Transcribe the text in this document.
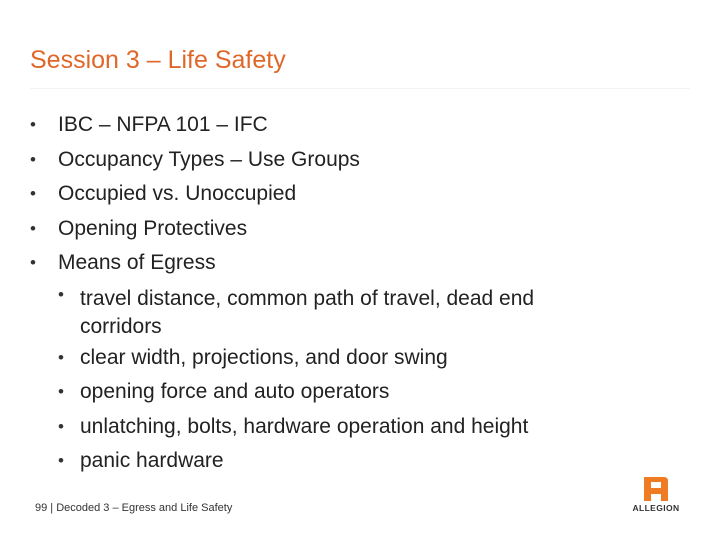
Session 3 – Life Safety
• IBC – NFPA 101 – IFC
• Occupancy Types – Use Groups
• Occupied vs. Unoccupied
• Opening Protectives
• Means of Egress
• travel distance, common path of travel, dead end
corridors
• clear width, projections, and door swing
• opening force and auto operators
• unlatching, bolts, hardware operation and height
• panic hardware
99 | Decoded 3 – Egress and Life Safety	ALLEGION
